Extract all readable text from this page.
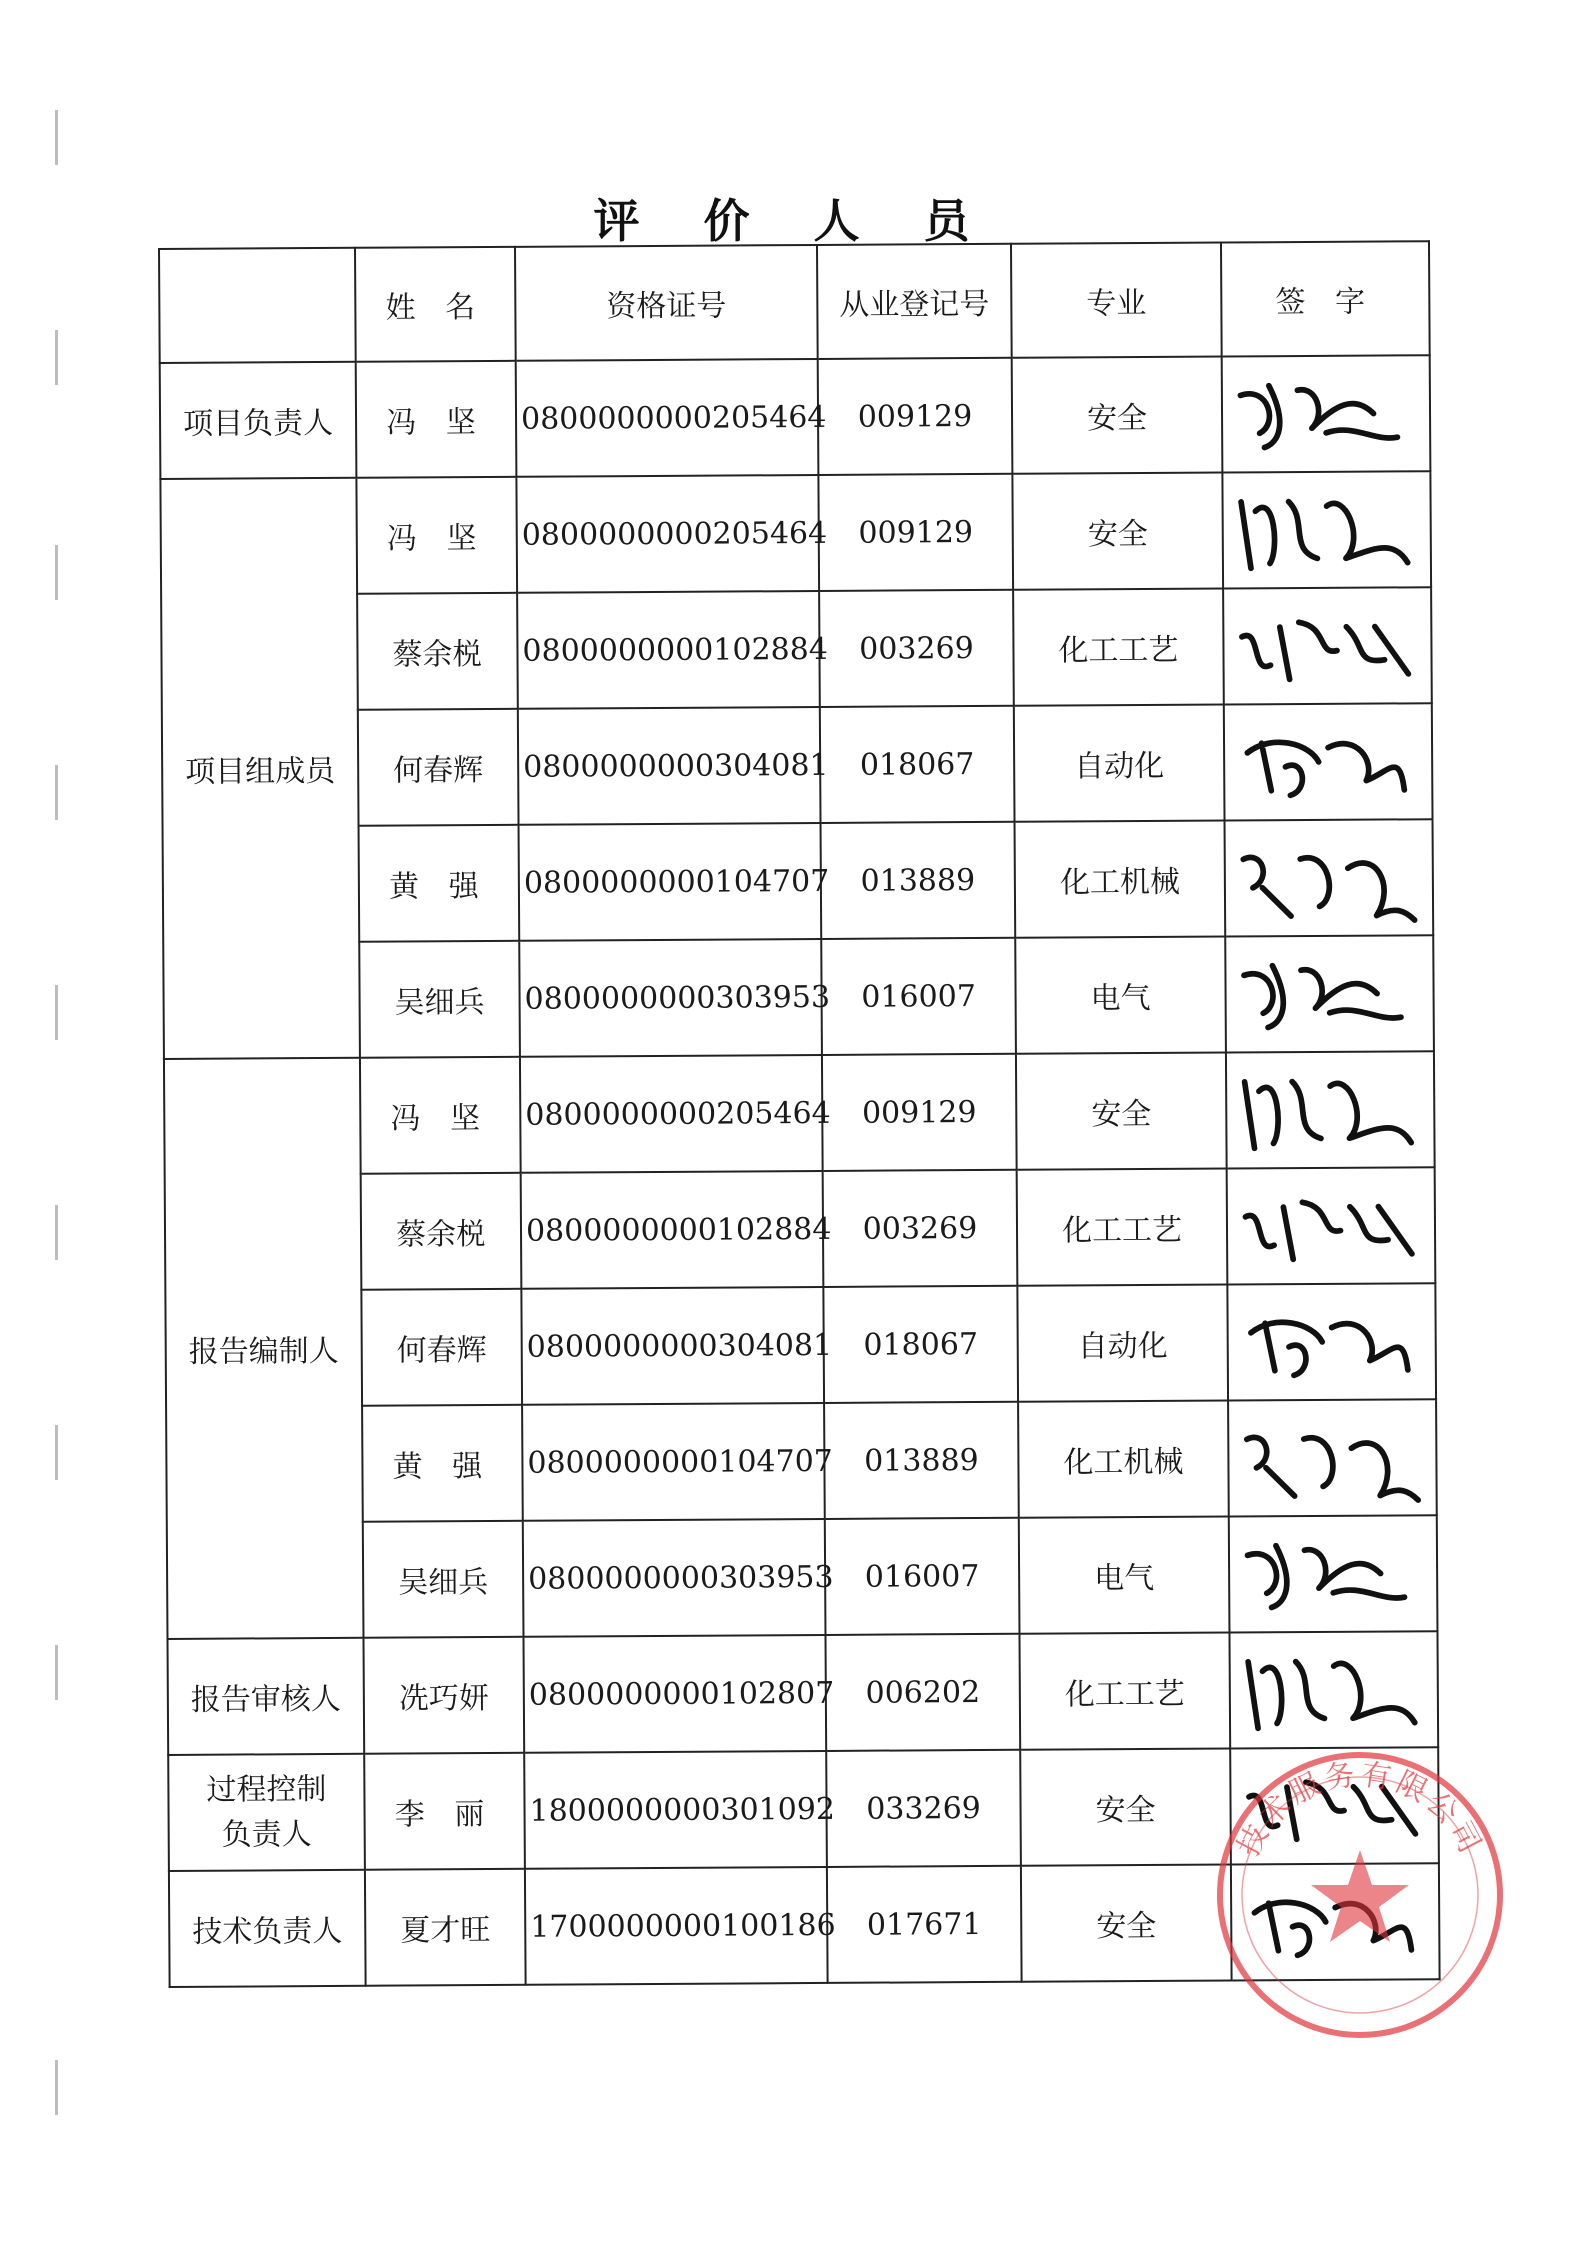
评 价 人 员
	姓 名	资格证号	从业登记号	专业	签 字
项目负责人	冯 坚	0800000000205464	009129	安全	

项目组成员	冯 坚	0800000000205464	009129	安全	

	蔡余棁	0800000000102884	003269	化工工艺	

	何春辉	0800000000304081	018067	自动化	

	黄 强	0800000000104707	013889	化工机械	

	吴细兵	0800000000303953	016007	电气	

报告编制人	冯 坚	0800000000205464	009129	安全	

	蔡余棁	0800000000102884	003269	化工工艺	

	何春辉	0800000000304081	018067	自动化	

	黄 强	0800000000104707	013889	化工机械	

	吴细兵	0800000000303953	016007	电气	

报告审核人	冼巧妍	0800000000102807	006202	化工工艺	

过程控制
负责人	李 丽	1800000000301092	033269	安全	

技术负责人	夏才旺	1700000000100186	017671	安全	
技术服务有限公司
